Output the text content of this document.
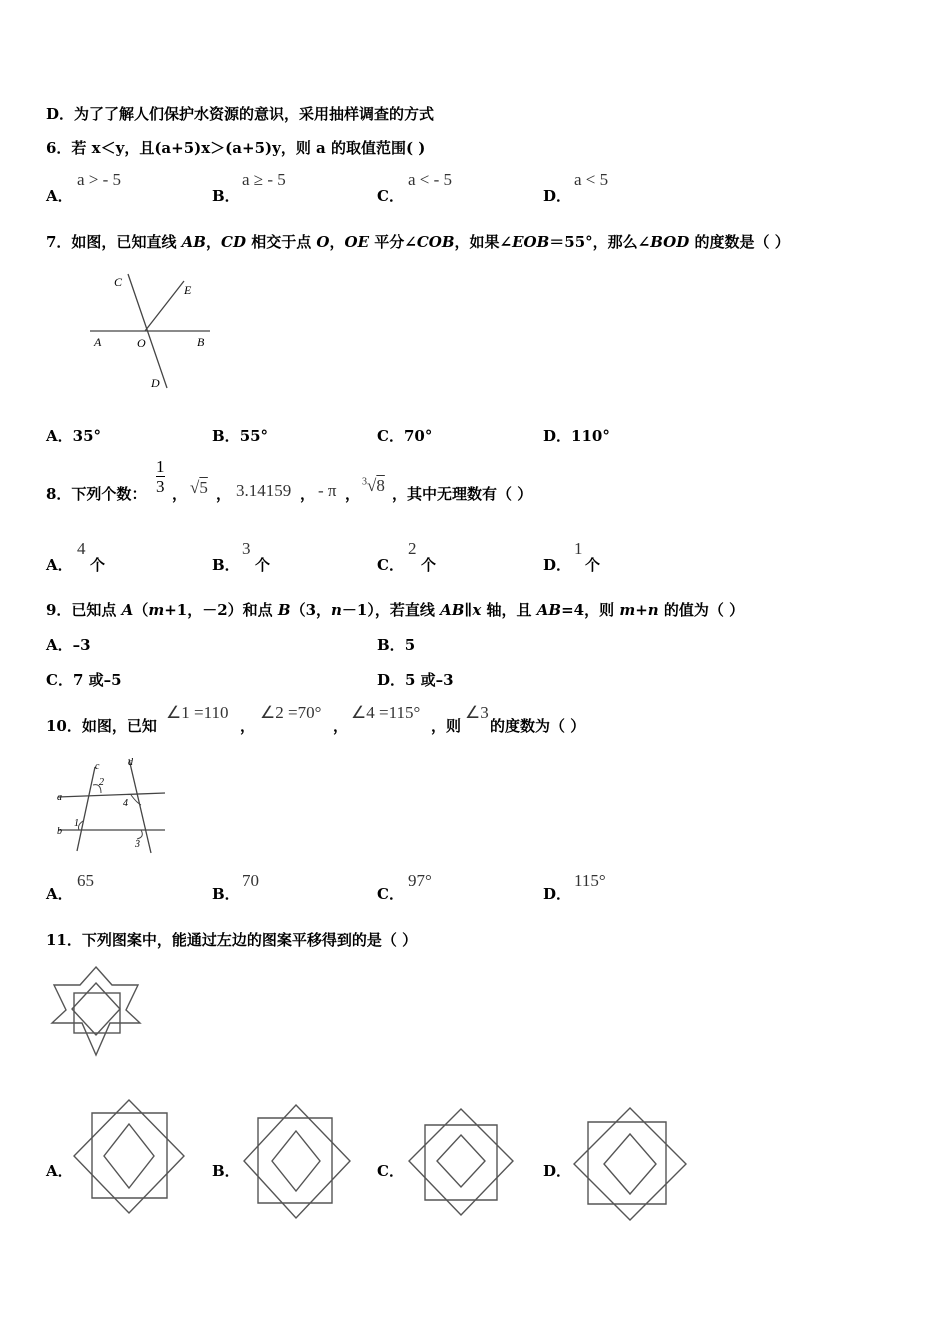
D．为了了解人们保护水资源的意识，采用抽样调查的方式
6．若 x＜y，且(a+5)x＞(a+5)y，则 a 的取值范围( )
A．
a > - 5
B．
a ≥ - 5
C．
a < - 5
D．
a < 5
7．如图，已知直线 AB，CD 相交于点 O，OE 平分∠COB，如果∠EOB＝55°，那么∠BOD 的度数是（ ）
C
E
A	O	B
D
A．35°	B．55°	C．70°	D．110°
8．下列个数： $\frac{1}{3}$ ， √5 ， 3.14159 ， - π ，
$^3$√8 ，其中无理数有（ ）
A．
4
个	B．
3
个	C．
2
个	D．
1
个
9．已知点 A（m+1，－2）和点 B（3，n－1），若直线 AB∥x 轴，且 AB=4，则 m+n 的值为（ ）
A．–3	B．5
C．7 或–5	D．5 或–3
10．如图，已知
∠1 =110
，
∠2 =70°
，
∠4 =115°
，则
∠3
的度数为（ ）
a
b
c	d
1
2
3
4
A．
65
B．
70
C．
97°
D．
115°
11．下列图案中，能通过左边的图案平移得到的是（ ）
A．	B．	C．	D．
